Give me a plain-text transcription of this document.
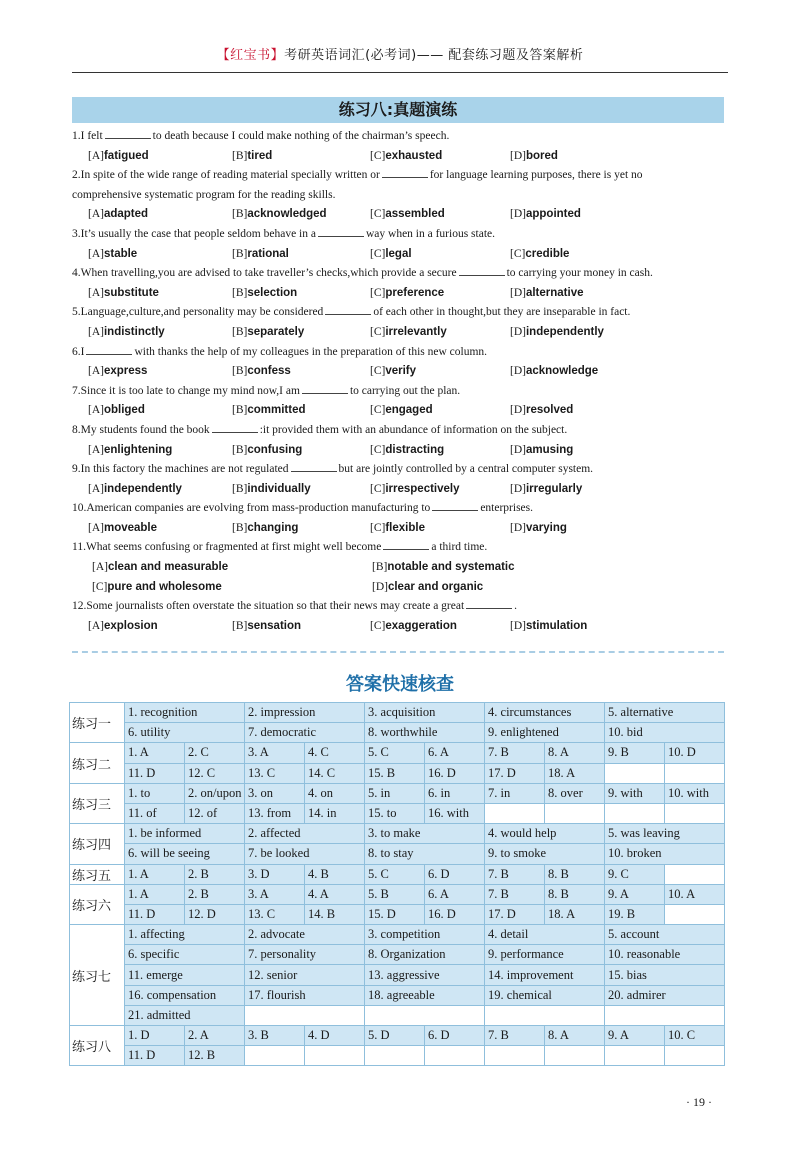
【红宝书】考研英语词汇(必考词)—— 配套练习题及答案解析
练习八:真题演练
1.I felt	to death because I could make nothing of the chairman’s speech.
[A]fatigued	[B]tired	[C]exhausted	[D]bored
2.In spite of the wide range of reading material specially written or	for language learning purposes, there is yet no
comprehensive systematic program for the reading skills.
[A]adapted	[B]acknowledged	[C]assembled	[D]appointed
3.It’s usually the case that people seldom behave in a	way when in a furious state.
[A]stable	[B]rational	[C]legal	[C]credible
4.When travelling,you are advised to take traveller’s checks,which provide a secure	to carrying your money in cash.
[A]substitute	[B]selection	[C]preference	[D]alternative
5.Language,culture,and personality may be considered	of each other in thought,but they are inseparable in fact.
[A]indistinctly	[B]separately	[C]irrelevantly	[D]independently
6.I	with thanks the help of my colleagues in the preparation of this new column.
[A]express	[B]confess	[C]verify	[D]acknowledge
7.Since it is too late to change my mind now,I am	to carrying out the plan.
[A]obliged	[B]committed	[C]engaged	[D]resolved
8.My students found the book	:it provided them with an abundance of information on the subject.
[A]enlightening	[B]confusing	[C]distracting	[D]amusing
9.In this factory the machines are not regulated	but are jointly controlled by a central computer system.
[A]independently	[B]individually	[C]irrespectively	[D]irregularly
10.American companies are evolving from mass-production manufacturing to	enterprises.
[A]moveable	[B]changing	[C]flexible	[D]varying
11.What seems confusing or fragmented at first might well become	a third time.
[A]clean and measurable	[B]notable and systematic
[C]pure and wholesome	[D]clear and organic
12.Some journalists often overstate the situation so that their news may create a great	.
[A]explosion	[B]sensation	[C]exaggeration	[D]stimulation
答案快速核查
练习一	1. recognition		2. impression		3. acquisition		4. circumstances		5. alternative	
	6. utility		7. democratic		8. worthwhile		9. enlightened		10. bid	
练习二	1. A	2. C	3. A	4. C	5. C	6. A	7. B	8. A	9. B	10. D
	11. D	12. C	13. C	14. C	15. B	16. D	17. D	18. A		
练习三	1. to	2. on/upon	3. on	4. on	5. in	6. in	7. in	8. over	9. with	10. with
	11. of	12. of	13. from	14. in	15. to	16. with				
练习四	1. be informed		2. affected		3. to make		4. would help		5. was leaving	
	6. will be seeing		7. be looked		8. to stay		9. to smoke		10. broken	
练习五	1. A	2. B	3. D	4. B	5. C	6. D	7. B	8. B	9. C	
练习六	1. A	2. B	3. A	4. A	5. B	6. A	7. B	8. B	9. A	10. A
	11. D	12. D	13. C	14. B	15. D	16. D	17. D	18. A	19. B	
练习七	1. affecting		2. advocate		3. competition		4. detail		5. account	
	6. specific		7. personality		8. Organization		9. performance		10. reasonable	
	11. emerge		12. senior		13. aggressive		14. improvement		15. bias	
	16. compensation		17. flourish		18. agreeable		19. chemical		20. admirer	
	21. admitted									
练习八	1. D	2. A	3. B	4. D	5. D	6. D	7. B	8. A	9. A	10. C
	11. D	12. B								
· 19 ·
